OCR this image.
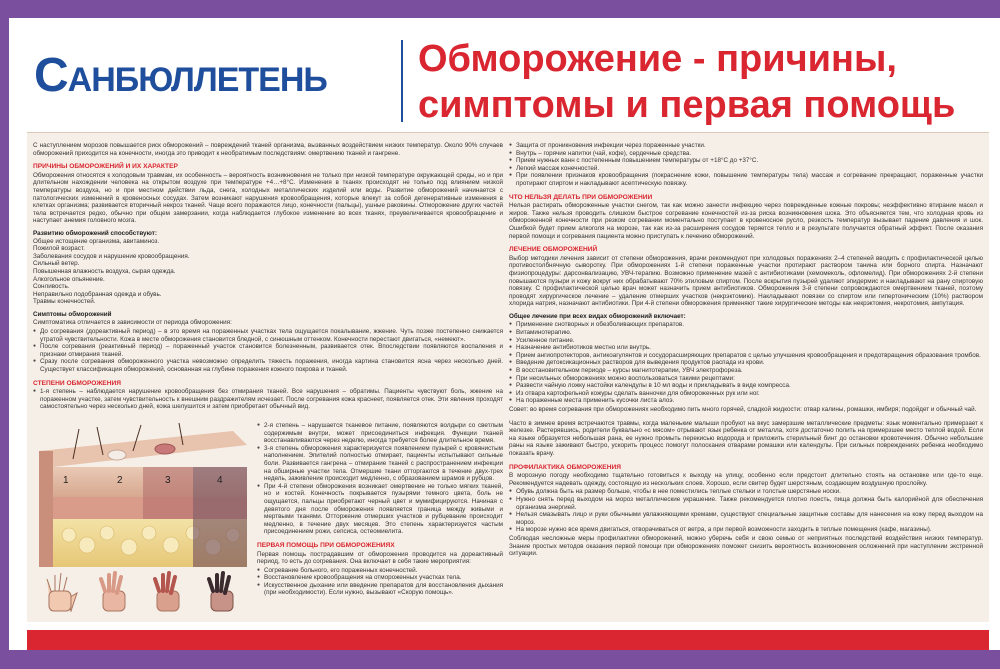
Санбюллетень Обморожение - причины,
симптомы и первая помощь
С наступлением морозов повышается риск обморожений – повреждений тканей организма, вызванных воздействием низких температур. Около 90% случаев обморожений приходится на конечности, иногда это приводит к необратимым последствиям: омертвению тканей и гангрене.
ПРИЧИНЫ ОБМОРОЖЕНИЙ И ИХ ХАРАКТЕР
Обморожения относятся к холодовым травмам, их особенность – вероятность возникновения не только при низкой температуре окружающей среды, но и при длительном нахождении человека на открытом воздухе при температуре +4…+8°С. Изменения в тканях происходят не только под влиянием низкой температуры воздуха, но и при местном действии льда, снега, холодных металлических изделий или воды. Развитие обморожений начинается с патологических изменений в кровеносных сосудах. Затем возникают нарушения кровообращения, которые влекут за собой дегенеративные изменения в клетках организма; развивается вторичный некроз тканей. Чаще всего поражаются лицо, конечности (пальцы), ушные раковины. Отморожение других частей тела встречается редко, обычно при общем замерзании, когда наблюдается глубокое изменение во всех тканях, преувеличивается кровообращение и наступает анемия головного мозга.
Развитию обморожений способствуют:
Общее истощение организма, авитаминоз.
Пожилой возраст.
Заболевания сосудов и нарушение кровообращения.
Сильный ветер.
Повышенная влажность воздуха, сырая одежда.
Алкогольное опьянение.
Сонливость.
Неправильно подобранная одежда и обувь.
Травмы конечностей.
Симптомы обморожений
Симптоматика отличается в зависимости от периода обморожения:
● До согревания (дореактивный период) – в это время на пораженных участках тела ощущается покалывание, жжение. Чуть позже постепенно снижается утратой чувствительности. Кожа в месте обморожения становится бледной, с синюшным оттенком. Конечности перестают двигаться, «немеют».
● После согревания (реактивный период) – пораженный участок становится болезненным, развивается отек. Впоследствии появляются воспаления и признаки отмирания тканей.
● Сразу после согревания обмороженного участка невозможно определить тяжесть поражения, иногда картина становится ясна через несколько дней. Существует классификация обморожений, основанная на глубине поражения кожного покрова и тканей.
СТЕПЕНИ ОБМОРОЖЕНИЯ
● 1-я степень – наблюдается нарушение кровообращения без отмирания тканей. Все нарушения – обратимы. Пациенты чувствуют боль, жжение на пораженном участке, затем чувствительность к внешним раздражителям исчезает. После согревания кожа краснеет, появляется отек. Эти явления проходят самостоятельно через несколько дней, кожа шелушится и затем приобретает обычный вид.
1	2	3	4
● 2-я степень – нарушается тканевое питание, появляются волдыри со светлым содержимым внутри, может присоединиться инфекция. Функции тканей восстанавливаются через неделю, иногда требуется более длительное время.
● 3-я степень обморожения характеризуется появлением пузырей с кровянистым наполнением. Эпителий полностью отмирает, пациенты испытывают сильные боли. Развивается гангрена – отмирание тканей с распространением инфекции на обширные участки тела. Отмершие ткани отторгаются в течение двух-трех недель, заживление происходит медленно, с образованием шрамов и рубцов.
● При 4-й степени обморожения возникает омертвение не только мягких тканей, но и костей. Конечность покрывается пузырями темного цвета, боль не ощущается, пальцы приобретают черный цвет и мумифицируются. Начиная с девятого дня после обморожения появляется граница между живыми и мертвыми тканями. Отторжение отмерших участков и рубцевание происходит медленно, в течение двух месяцев. Это степень характеризуется частым присоединением рожи, сепсиса, остеомиелита.
ПЕРВАЯ ПОМОЩЬ ПРИ ОБМОРОЖЕНИЯХ
Первая помощь пострадавшим от обморожения проводится на дореактивный период, то есть до согревания. Она включает в себя такие мероприятия:
● Согревание больного, его пораженных конечностей.
● Восстановление кровообращения на отмороженных участках тела.
● Искусственное дыхание или введение препаратов для восстановления дыхания (при необходимости). Если нужно, вызывают «Скорую помощь».
● Защита от проникновения инфекции через пораженные участки.
● Внутрь – горячие напитки (чай, кофе), сердечные средства.
● Прием нужных ванн с постепенным повышением температуры от +18°С до +37°С.
● Легкий массаж конечностей.
● При появлении признаков кровообращения (покраснение кожи, повышение температуры тела) массаж и согревание прекращают, пораженные участки протирают спиртом и накладывают асептическую повязку.
ЧТО НЕЛЬЗЯ ДЕЛАТЬ ПРИ ОБМОРОЖЕНИИ
Нельзя растирать обмороженные участки снегом, так как можно занести инфекцию через поврежденные кожные покровы; неэффективно втирание масел и жиров. Также нельзя проводить слишком быстрое согревание конечностей из-за риска возникновения шока. Это объясняется тем, что холодная кровь из обмороженной конечности при резком согревании моментально поступает в кровеносное русло, резкость температур вызывает падение давления и шок. Ошибкой будет прием алкоголя на морозе, так как из-за расширения сосудов теряется тепло и в результате получается обратный эффект. После оказания первой помощи и согревания пациента можно приступать к лечению обморожений.
ЛЕЧЕНИЕ ОБМОРОЖЕНИЙ
Выбор методики лечения зависит от степени обморожения, врачи рекомендуют при холодовых поражениях 2–4 степеней вводить с профилактической целью противостолбнячную сыворотку. При обморожениях 1-й степени пораженные участки протирают раствором танина или борного спирта. Назначают физиопроцедуры: дарсонвализацию, УВЧ-терапию. Возможно применение мазей с антибиотиками (хемомеколь, офломелид). При обморожениях 2-й степени повышаются пузыри и кожу вокруг них обрабатывают 70% этиловым спиртом. После вскрытия пузырей удаляют эпидермис и накладывают на рану спиртовую повязку. С профилактической целью врач может назначить прием антибиотиков. Обморожения 3-й степени сопровождаются омертвением тканей, поэтому проводят хирургическое лечение – удаление отмерших участков (некрэктомию). Накладывают повязки со спиртом или гипертоническим (10%) раствором хлорида натрия, назначают антибиотики. При 4-й степени обморожения применяют такие хирургические методы как некрэктомия, некротомия, ампутация.
Общее лечение при всех видах обморожений включает:
● Применение снотворных и обезболивающих препаратов.
● Витаминотерапию.
● Усиленное питание.
● Назначение антибиотиков местно или внутрь.
● Прием ангиопротекторов, антикоагулянтов и сосудорасширяющих препаратов с целью улучшения кровообращения и предотвращения образования тромбов.
● Введение детоксикационных растворов для выведения продуктов распада из крови.
● В восстановительном периоде – курсы магнитотерапии, УВЧ электрофореза.
● При несильных обморожениях можно воспользоваться такими рецептами:
● Развести чайную ложку настойки календулы в 10 мл воды и прикладывать в виде компресса.
● Из отвара картофельной кожуры сделать ванночки для обмороженных рук или ног.
● На пораженные места применить кусочки листа алоэ.
Совет: во время согревания при обморожениях необходимо пить много горячей, сладкой жидкости: отвар калины, ромашки, имбиря; подойдет и обычный чай.
Часто в зимнее время встречаются травмы, когда маленькие малыши пробуют на вкус замерзшие металлические предметы: язык моментально примерзает к железке. Растерявшись, родители буквально «с мясом» отрывают язык ребенка от металла, хотя достаточно полить на примерзшее место теплой водой. Если на языке образуется небольшая рана, ее нужно промыть перекисью водорода и приложить стерильный бинт до остановки кровотечения. Обычно небольшие раны на языке заживают быстро, ускорить процесс помогут полоскания отварами ромашки или календулы. При сильных повреждениях ребенка необходимо показать врачу.
ПРОФИЛАКТИКА ОБМОРОЖЕНИЯ
В морозную погоду необходимо тщательно готовиться к выходу на улицу, особенно если предстоит длительно стоять на остановке или где-то еще. Рекомендуется надевать одежду, состоящую из нескольких слоев. Хорошо, если свитер будет шерстяным, создающим воздушную прослойку.
● Обувь должна быть на размер больше, чтобы в нее поместились теплые стельки и толстые шерстяные носки.
● Нужно снять перед выходом на мороз металлические украшение. Также рекомендуется плотно поесть, пища должна быть калорийной для обеспечения организма энергией.
● Нельзя смазывать лицо и руки обычными увлажняющими кремами, существуют специальные защитные составы для нанесения на кожу перед выходом на мороз.
● На морозе нужно все время двигаться, отворачиваться от ветра, а при первой возможности заходить в теплые помещения (кафе, магазины).
Соблюдая несложные меры профилактики обморожений, можно уберечь себя и свою семью от неприятных последствий воздействия низких температур. Знание простых методов оказания первой помощи при обморожениях поможет снизить вероятность возникновения осложнений при наступлении экстренной ситуации.
